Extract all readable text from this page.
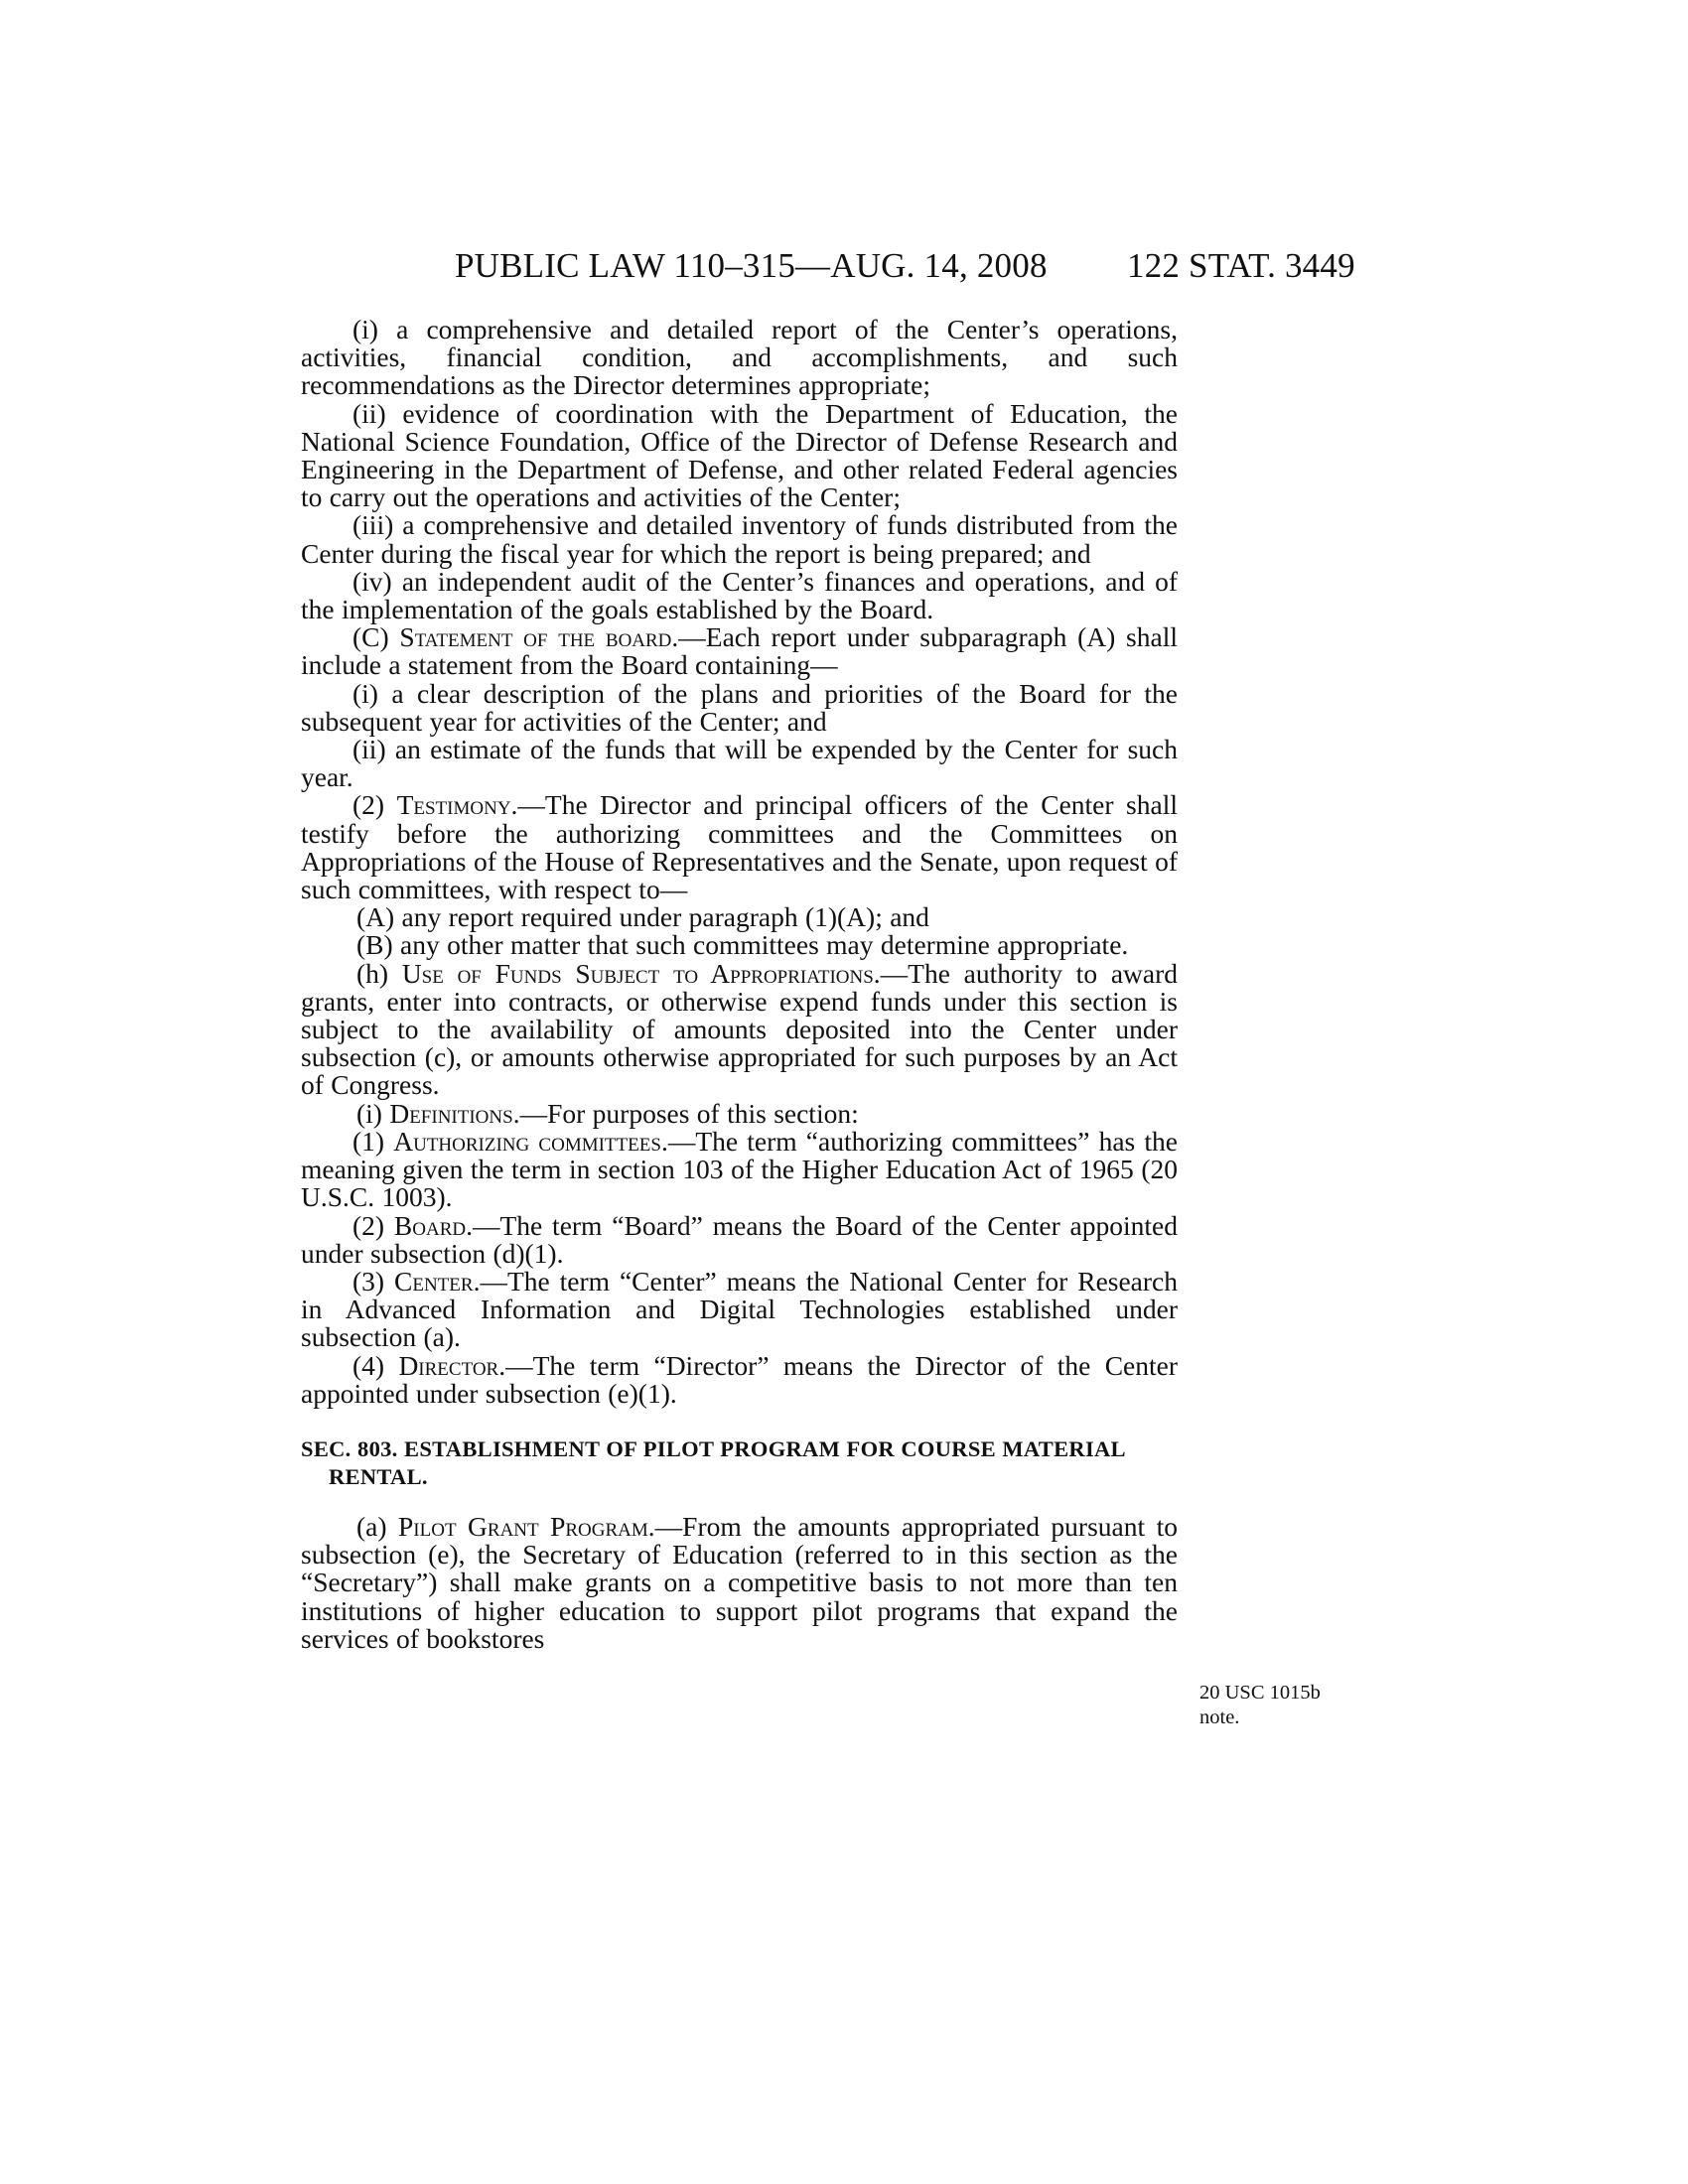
PUBLIC LAW 110–315—AUG. 14, 2008 122 STAT. 3449

(i) a comprehensive and detailed report of the Center’s operations, activities, financial condition, and accomplishments, and such recommendations as the Director determines appropriate;

(ii) evidence of coordination with the Department of Education, the National Science Foundation, Office of the Director of Defense Research and Engineering in the Department of Defense, and other related Federal agencies to carry out the operations and activities of the Center;

(iii) a comprehensive and detailed inventory of funds distributed from the Center during the fiscal year for which the report is being prepared; and

(iv) an independent audit of the Center’s finances and operations, and of the implementation of the goals established by the Board.

(C) Statement of the board.—Each report under subparagraph (A) shall include a statement from the Board containing—

(i) a clear description of the plans and priorities of the Board for the subsequent year for activities of the Center; and

(ii) an estimate of the funds that will be expended by the Center for such year.

(2) Testimony.—The Director and principal officers of the Center shall testify before the authorizing committees and the Committees on Appropriations of the House of Representatives and the Senate, upon request of such committees, with respect to—

(A) any report required under paragraph (1)(A); and

(B) any other matter that such committees may determine appropriate.

(h) Use of Funds Subject to Appropriations.—The authority to award grants, enter into contracts, or otherwise expend funds under this section is subject to the availability of amounts deposited into the Center under subsection (c), or amounts otherwise appropriated for such purposes by an Act of Congress.

(i) Definitions.—For purposes of this section:

(1) Authorizing committees.—The term “authorizing committees” has the meaning given the term in section 103 of the Higher Education Act of 1965 (20 U.S.C. 1003).

(2) Board.—The term “Board” means the Board of the Center appointed under subsection (d)(1).

(3) Center.—The term “Center” means the National Center for Research in Advanced Information and Digital Technologies established under subsection (a).

(4) Director.—The term “Director” means the Director of the Center appointed under subsection (e)(1).

SEC. 803. ESTABLISHMENT OF PILOT PROGRAM FOR COURSE MATERIAL RENTAL.

(a) Pilot Grant Program.—From the amounts appropriated pursuant to subsection (e), the Secretary of Education (referred to in this section as the “Secretary”) shall make grants on a competitive basis to not more than ten institutions of higher education to support pilot programs that expand the services of bookstores

20 USC 1015b
note.
